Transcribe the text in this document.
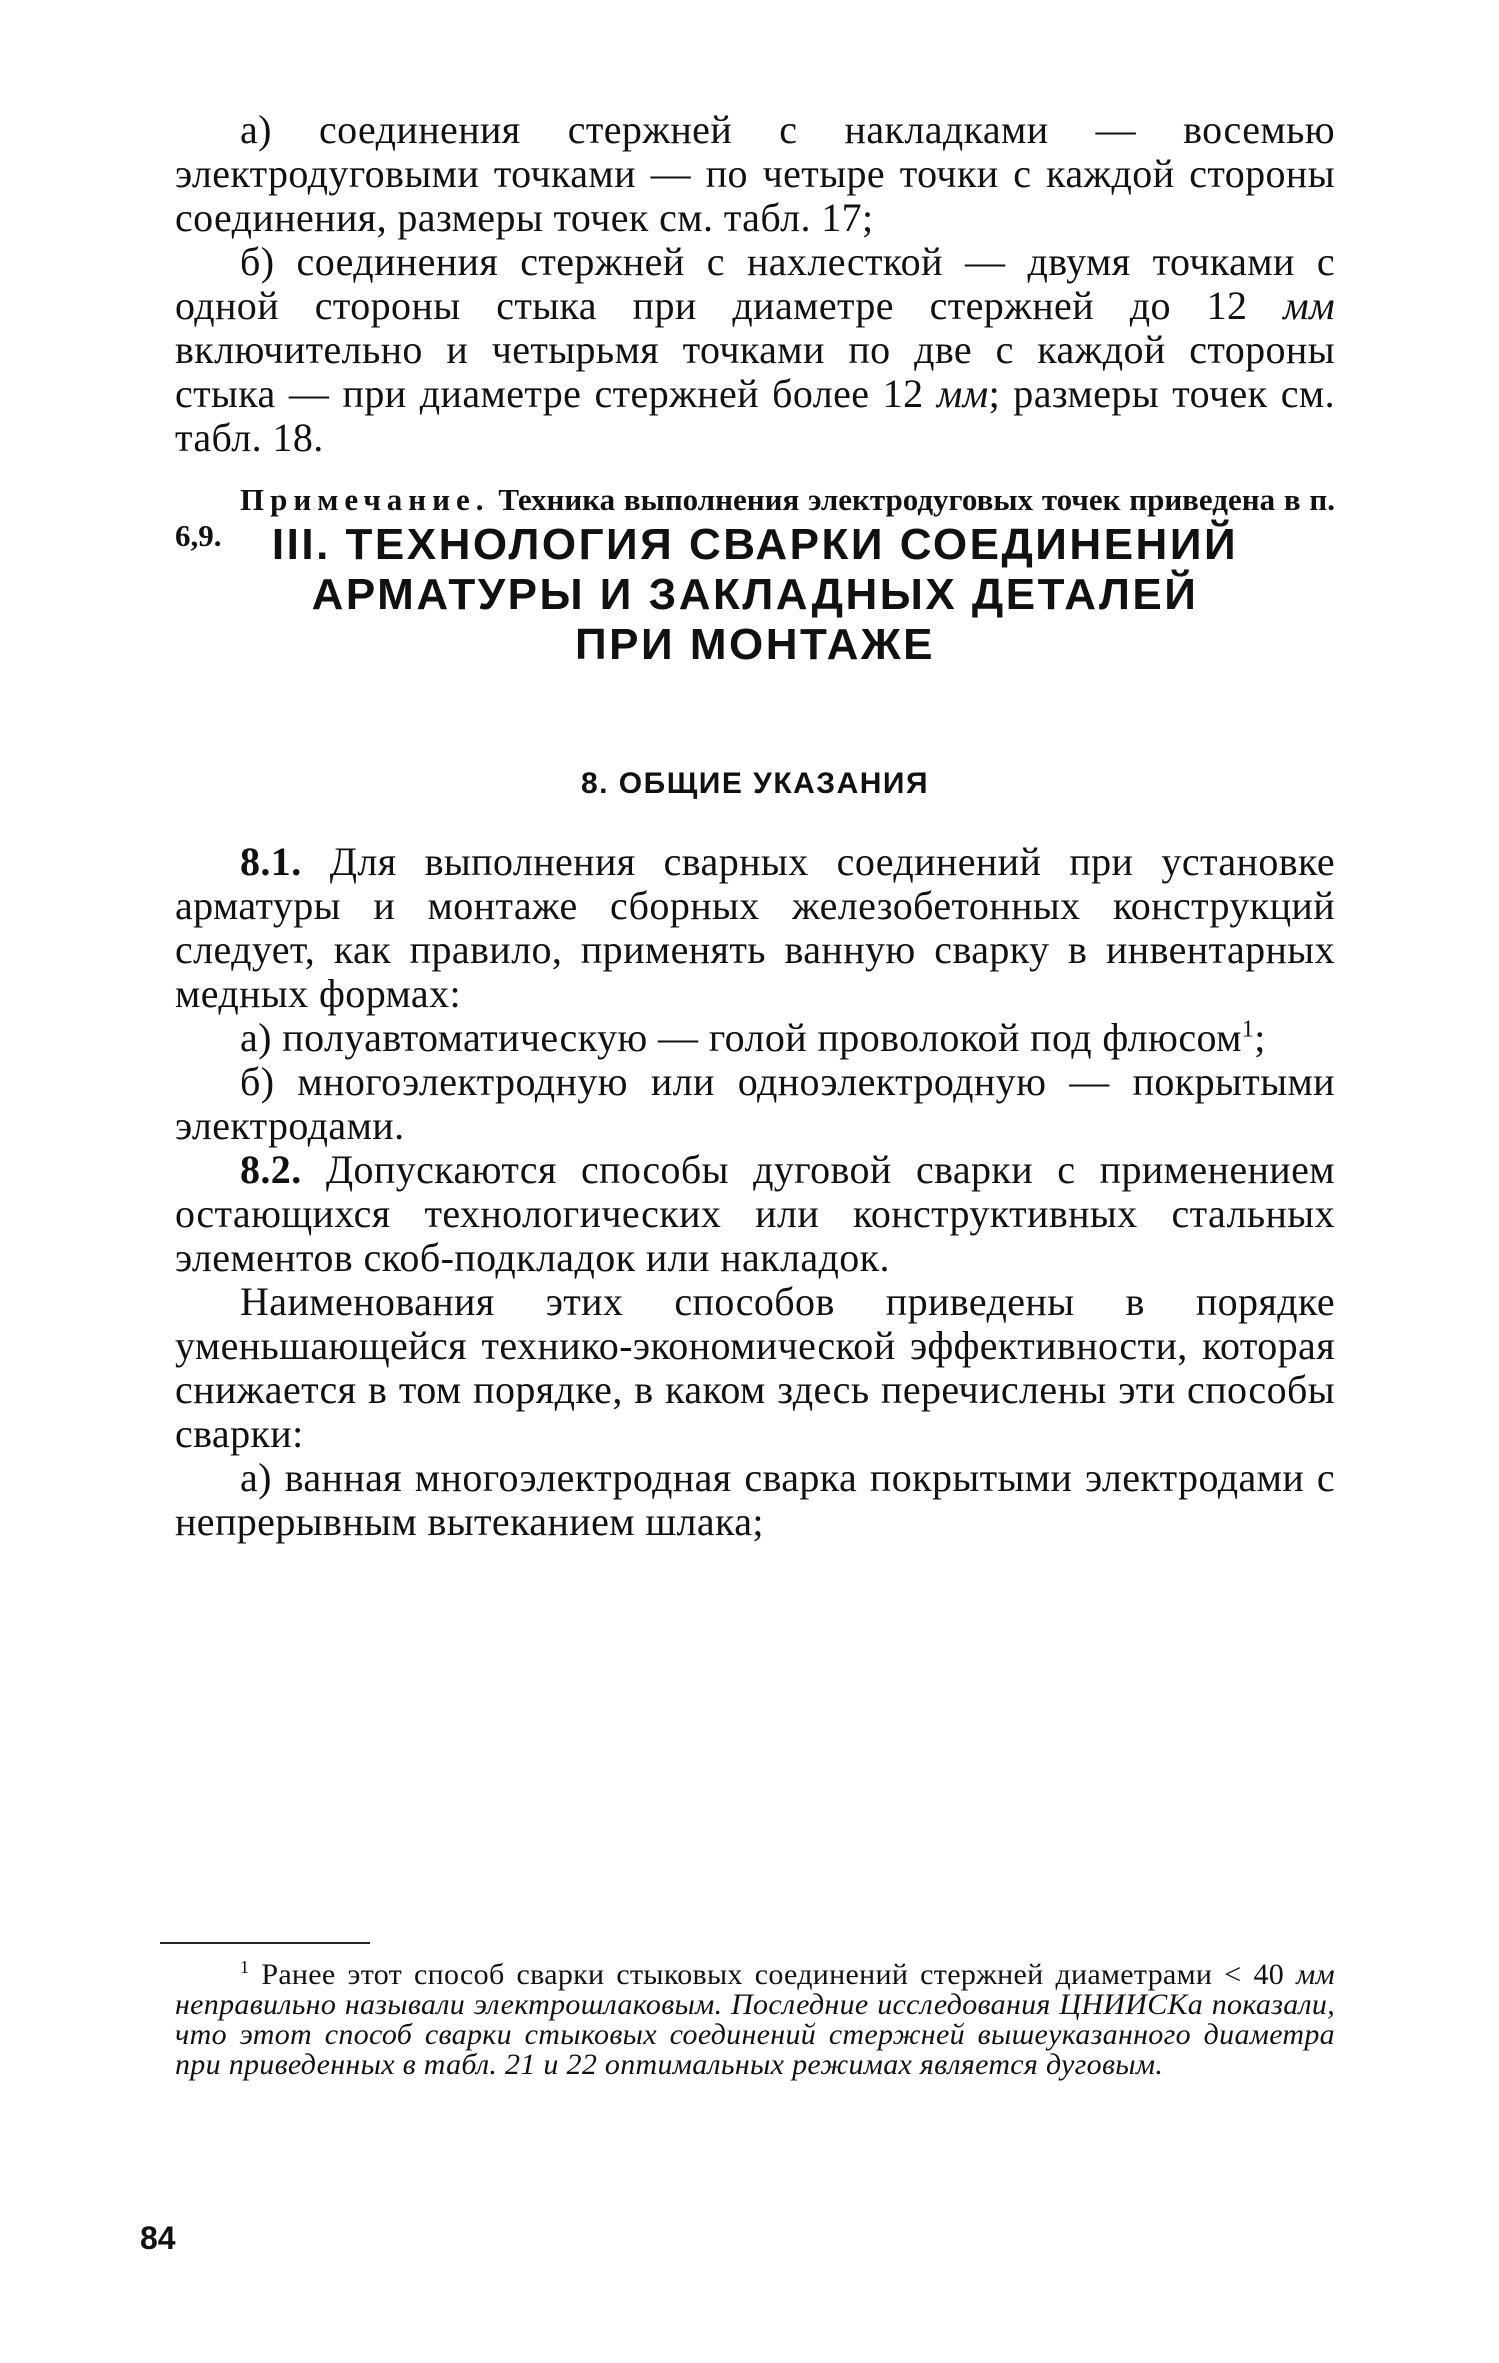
а) соединения стержней с накладками — восемью электродуговыми точками — по четыре точки с каждой стороны соединения, размеры точек см. табл. 17;

б) соединения стержней с нахлесткой — двумя точками с одной стороны стыка при диаметре стержней до 12 мм включительно и четырьмя точками по две с каждой стороны стыка — при диаметре стержней более 12 мм; размеры точек см. табл. 18.

Примечание. Техника выполнения электродуговых точек приведена в п. 6,9.	III. ТЕХНОЛОГИЯ СВАРКИ СОЕДИНЕНИЙ
АРМАТУРЫ И ЗАКЛАДНЫХ ДЕТАЛЕЙ
ПРИ МОНТАЖЕ
8. ОБЩИЕ УКАЗАНИЯ

8.1. Для выполнения сварных соединений при установке арматуры и монтаже сборных железобетонных конструкций следует, как правило, применять ванную сварку в инвентарных медных формах:

а) полуавтоматическую — голой проволокой под флюсом$^1$;

б) многоэлектродную или одноэлектродную — покрытыми электродами.

8.2. Допускаются способы дуговой сварки с применением остающихся технологических или конструктивных стальных элементов скоб-подкладок или накладок.

Наименования этих способов приведены в порядке уменьшающейся технико-экономической эффективности, которая снижается в том порядке, в каком здесь перечислены эти способы сварки:

а) ванная многоэлектродная сварка покрытыми электродами с непрерывным вытеканием шлака;

$^1$ Ранее этот способ сварки стыковых соединений стержней диаметрами < 40 мм неправильно называли электрошлаковым. Последние исследования ЦНИИСКа показали, что этот способ сварки стыковых соединений стержней вышеуказанного диаметра при приведенных в табл. 21 и 22 оптимальных режимах является дуговым.

84
